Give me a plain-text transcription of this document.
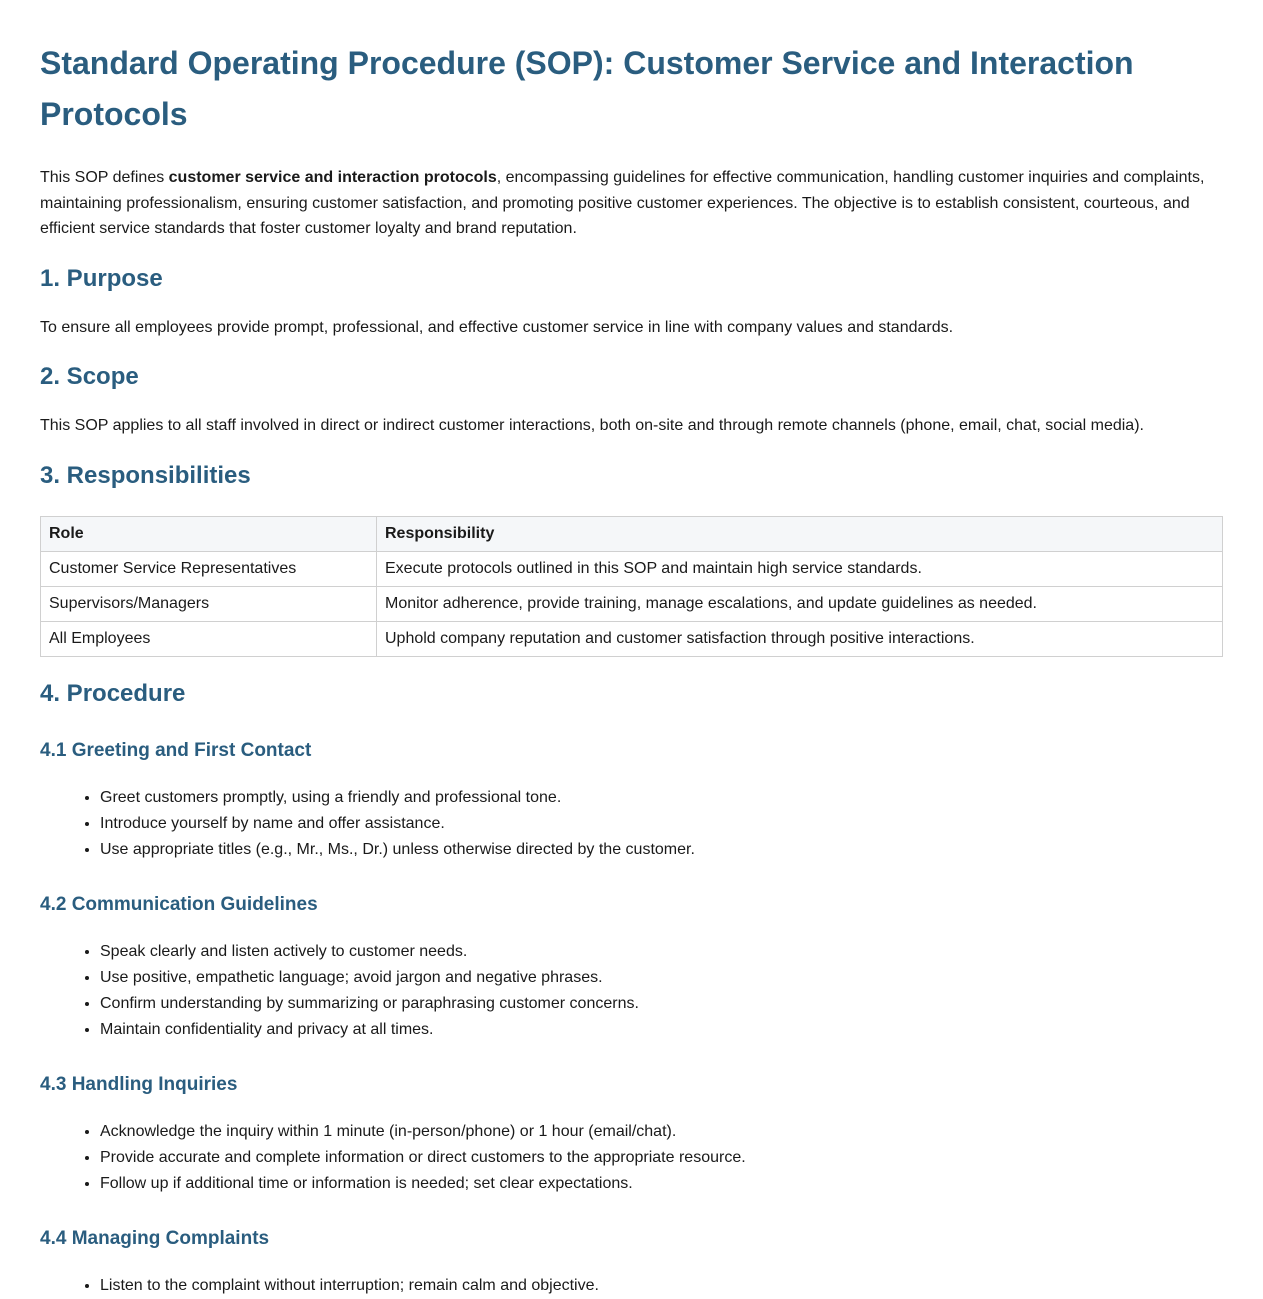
Standard Operating Procedure (SOP): Customer Service and Interaction Protocols

This SOP defines customer service and interaction protocols, encompassing guidelines for effective communication, handling customer inquiries and complaints, maintaining professionalism, ensuring customer satisfaction, and promoting positive customer experiences. The objective is to establish consistent, courteous, and efficient service standards that foster customer loyalty and brand reputation.

1. Purpose

To ensure all employees provide prompt, professional, and effective customer service in line with company values and standards.

2. Scope

This SOP applies to all staff involved in direct or indirect customer interactions, both on-site and through remote channels (phone, email, chat, social media).

3. Responsibilities
Role	Responsibility
Customer Service Representatives	Execute protocols outlined in this SOP and maintain high service standards.
Supervisors/Managers	Monitor adherence, provide training, manage escalations, and update guidelines as needed.
All Employees	Uphold company reputation and customer satisfaction through positive interactions.
4. Procedure
4.1 Greeting and First Contact
• Greet customers promptly, using a friendly and professional tone.
• Introduce yourself by name and offer assistance.
• Use appropriate titles (e.g., Mr., Ms., Dr.) unless otherwise directed by the customer.
4.2 Communication Guidelines
• Speak clearly and listen actively to customer needs.
• Use positive, empathetic language; avoid jargon and negative phrases.
• Confirm understanding by summarizing or paraphrasing customer concerns.
• Maintain confidentiality and privacy at all times.
4.3 Handling Inquiries
• Acknowledge the inquiry within 1 minute (in-person/phone) or 1 hour (email/chat).
• Provide accurate and complete information or direct customers to the appropriate resource.
• Follow up if additional time or information is needed; set clear expectations.
4.4 Managing Complaints
• Listen to the complaint without interruption; remain calm and objective.
